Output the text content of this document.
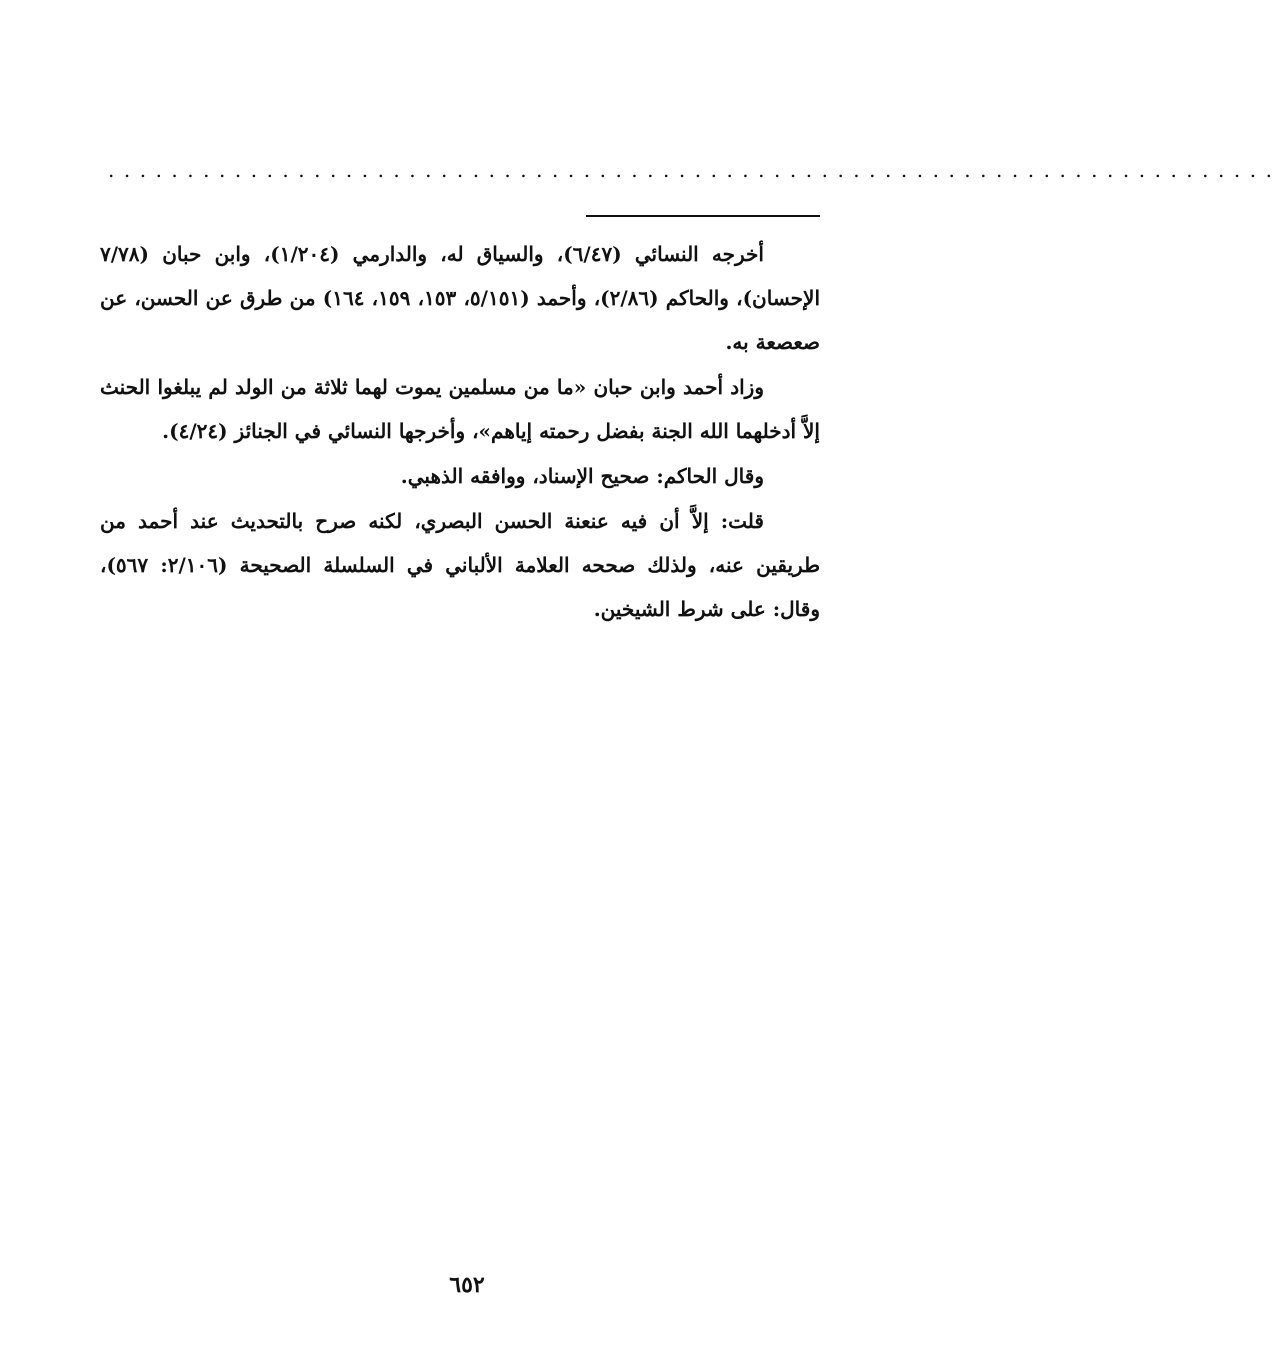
..........................................................................

أخرجه النسائي (٦/٤٧)، والسياق له، والدارمي (١/٢٠٤)، وابن حبان (٧/٧٨ الإحسان)، والحاكم (٢/٨٦)، وأحمد (٥/١٥١، ١٥٣، ١٥٩، ١٦٤) من طرق عن الحسن، عن صعصعة به.

وزاد أحمد وابن حبان «ما من مسلمين يموت لهما ثلاثة من الولد لم يبلغوا الحنث إلاَّ أدخلهما الله الجنة بفضل رحمته إياهم»، وأخرجها النسائي في الجنائز (٤/٢٤).

وقال الحاكم: صحيح الإسناد، ووافقه الذهبي.

قلت: إلاَّ أن فيه عنعنة الحسن البصري، لكنه صرح بالتحديث عند أحمد من طريقين عنه، ولذلك صححه العلامة الألباني في السلسلة الصحيحة (٢/١٠٦: ٥٦٧)، وقال: على شرط الشيخين.

٦٥٢
